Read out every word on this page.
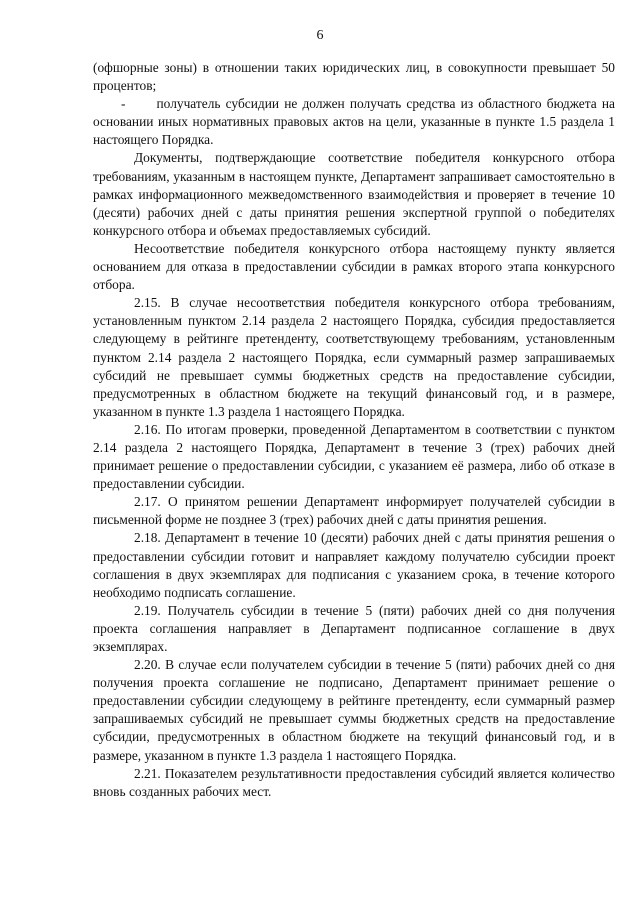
6

(офшорные зоны) в отношении таких юридических лиц, в совокупности превышает 50 процентов;

-      получатель субсидии не должен получать средства из областного бюджета на основании иных нормативных правовых актов на цели, указанные в пункте 1.5 раздела 1 настоящего Порядка.

Документы, подтверждающие соответствие победителя конкурсного отбора требованиям, указанным в настоящем пункте, Департамент запрашивает самостоятельно в рамках информационного межведомственного взаимодействия и проверяет в течение 10 (десяти) рабочих дней с даты принятия решения экспертной группой о победителях конкурсного отбора и объемах предоставляемых субсидий.

Несоответствие победителя конкурсного отбора настоящему пункту является основанием для отказа в предоставлении субсидии в рамках второго этапа конкурсного отбора.

2.15. В случае несоответствия победителя конкурсного отбора требованиям, установленным пунктом 2.14 раздела 2 настоящего Порядка, субсидия предоставляется следующему в рейтинге претенденту, соответствующему требованиям, установленным пунктом 2.14 раздела 2 настоящего Порядка, если суммарный размер запрашиваемых субсидий не превышает суммы бюджетных средств на предоставление субсидии, предусмотренных в областном бюджете на текущий финансовый год, и в размере, указанном в пункте 1.3 раздела 1 настоящего Порядка.

2.16. По итогам проверки, проведенной Департаментом в соответствии с пунктом 2.14 раздела 2 настоящего Порядка, Департамент в течение 3 (трех) рабочих дней принимает решение о предоставлении субсидии, с указанием её размера, либо об отказе в предоставлении субсидии.

2.17. О принятом решении Департамент информирует получателей субсидии в письменной форме не позднее 3 (трех) рабочих дней с даты принятия решения.

2.18. Департамент в течение 10 (десяти) рабочих дней с даты принятия решения о предоставлении субсидии готовит и направляет каждому получателю субсидии проект соглашения в двух экземплярах для подписания с указанием срока, в течение которого необходимо подписать соглашение.

2.19. Получатель субсидии в течение 5 (пяти) рабочих дней со дня получения проекта соглашения направляет в Департамент подписанное соглашение в двух экземплярах.

2.20. В случае если получателем субсидии в течение 5 (пяти) рабочих дней со дня получения проекта соглашение не подписано, Департамент принимает решение о предоставлении субсидии следующему в рейтинге претенденту, если суммарный размер запрашиваемых субсидий не превышает суммы бюджетных средств на предоставление субсидии, предусмотренных в областном бюджете на текущий финансовый год, и в размере, указанном в пункте 1.3 раздела 1 настоящего Порядка.

2.21. Показателем результативности предоставления субсидий является количество вновь созданных рабочих мест.
